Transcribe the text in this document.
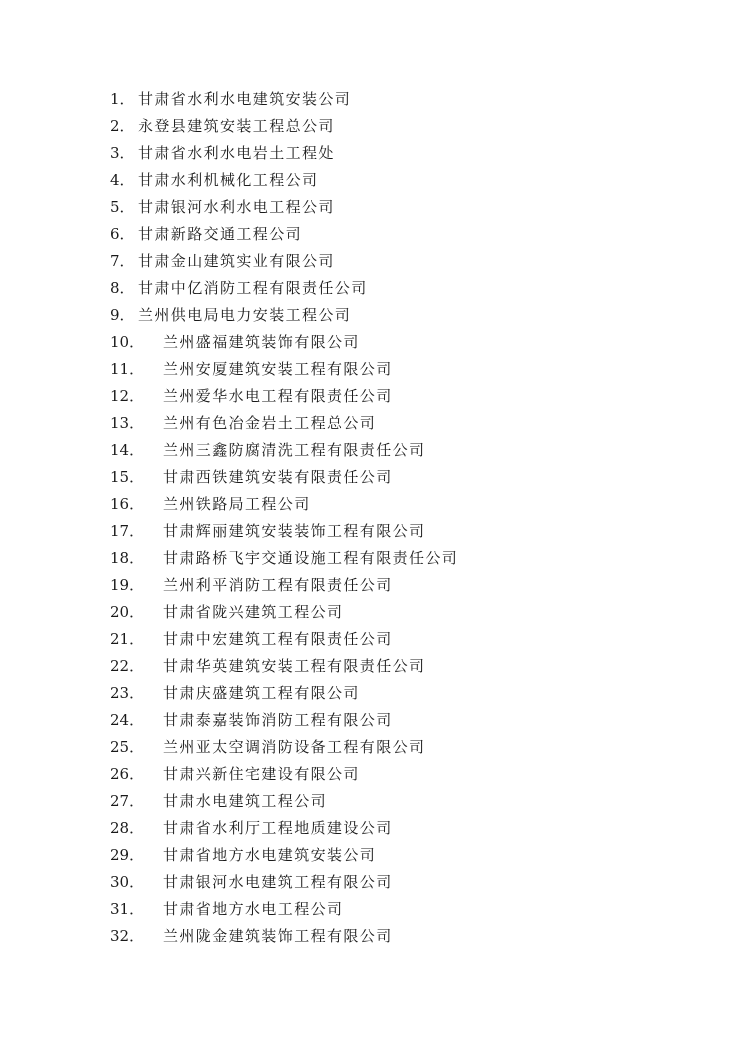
1． 甘肃省水利水电建筑安装公司
2． 永登县建筑安装工程总公司
3． 甘肃省水利水电岩土工程处
4． 甘肃水利机械化工程公司
5． 甘肃银河水利水电工程公司
6． 甘肃新路交通工程公司
7． 甘肃金山建筑实业有限公司
8． 甘肃中亿消防工程有限责任公司
9． 兰州供电局电力安装工程公司
10．	兰州盛福建筑装饰有限公司
11．	兰州安厦建筑安装工程有限公司
12．	兰州爱华水电工程有限责任公司
13．	兰州有色冶金岩土工程总公司
14．	兰州三鑫防腐清洗工程有限责任公司
15．	甘肃西铁建筑安装有限责任公司
16．	兰州铁路局工程公司
17．	甘肃辉丽建筑安装装饰工程有限公司
18．	甘肃路桥飞宇交通设施工程有限责任公司
19．	兰州利平消防工程有限责任公司
20．	甘肃省陇兴建筑工程公司
21．	甘肃中宏建筑工程有限责任公司
22．	甘肃华英建筑安装工程有限责任公司
23．	甘肃庆盛建筑工程有限公司
24．	甘肃泰嘉装饰消防工程有限公司
25．	兰州亚太空调消防设备工程有限公司
26．	甘肃兴新住宅建设有限公司
27．	甘肃水电建筑工程公司
28．	甘肃省水利厅工程地质建设公司
29．	甘肃省地方水电建筑安装公司
30．	甘肃银河水电建筑工程有限公司
31．	甘肃省地方水电工程公司
32．	兰州陇金建筑装饰工程有限公司
